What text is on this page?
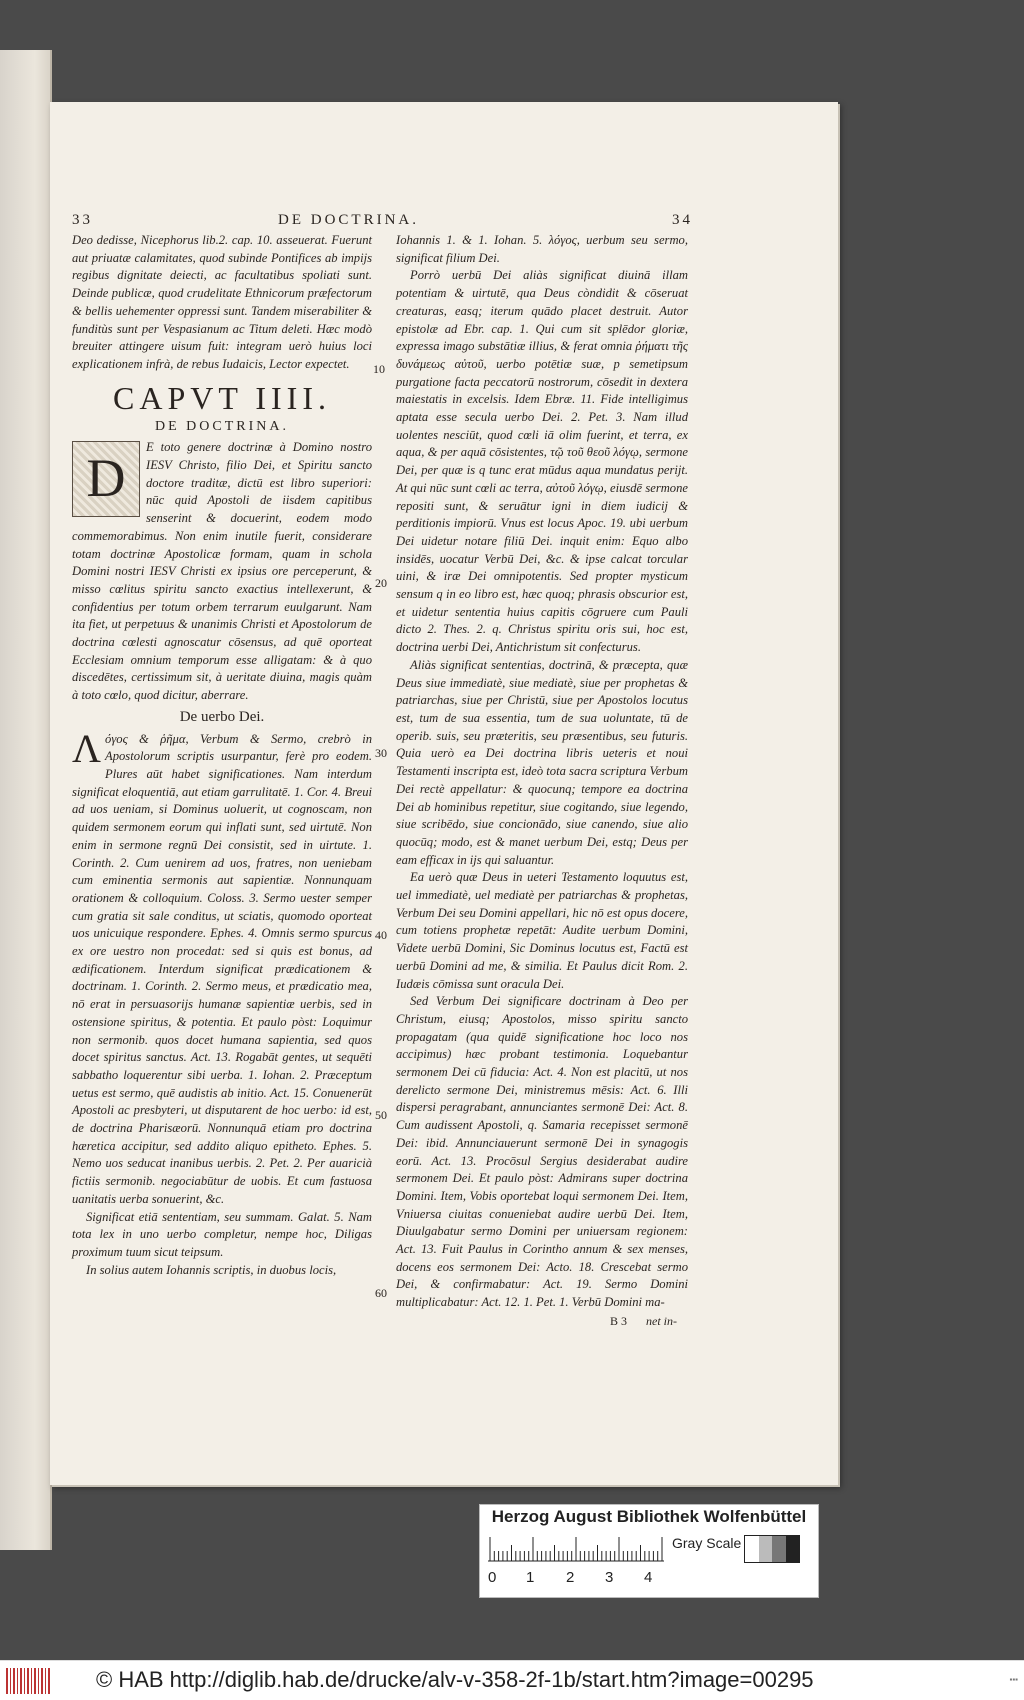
33	DE DOCTRINA.	34

Deo dedisse, Nicephorus lib.2. cap. 10. asseuerat. Fuerunt aut priuatæ calamitates, quod subinde Pontifices ab impijs regibus dignitate deiecti, ac facultatibus spoliati sunt. Deinde publicæ, quod crudelitate Ethnicorum præfectorum & bellis uehementer oppressi sunt. Tandem miserabiliter & funditùs sunt per Vespasianum ac Titum deleti. Hæc modò breuiter attingere uisum fuit: integram uerò huius loci explicationem infrà, de rebus Iudaicis, Lector expectet.

CAPVT IIII.
DE DOCTRINA.
D

E toto genere doctrinæ à Domino nostro IESV Christo, filio Dei, et Spiritu sancto doctore traditæ, dictū est libro superiori: nūc quid Apostoli de iisdem capitibus senserint & docuerint, eodem modo commemorabimus. Non enim inutile fuerit, considerare totam doctrinæ Apostolicæ formam, quam in schola Domini nostri IESV Christi ex ipsius ore perceperunt, & misso cœlitus spiritu sancto exactius intellexerunt, & confidentius per totum orbem terrarum euulgarunt. Nam ita fiet, ut perpetuus & unanimis Christi et Apostolorum de doctrina cœlesti agnoscatur cōsensus, ad quē oporteat Ecclesiam omnium temporum esse alligatam: & à quo discedētes, certissimum sit, à ueritate diuina, magis quàm à toto cœlo, quod dicitur, aberrare.

De uerbo Dei.
Λ όγος & ῥῆμα, Verbum & Sermo, crebrò in Apostolorum scriptis usurpantur, ferè pro eodem. Plures aūt habet significationes. Nam interdum significat eloquentiā, aut etiam garrulitatē. 1. Cor. 4. Breui ad uos ueniam, si Dominus uoluerit, ut cognoscam, non quidem sermonem eorum qui inflati sunt, sed uirtutē. Non enim in sermone regnū Dei consistit, sed in uirtute. 1. Corinth. 2. Cum uenirem ad uos, fratres, non ueniebam cum eminentia sermonis aut sapientiæ. Nonnunquam orationem & colloquium. Coloss. 3. Sermo uester semper cum gratia sit sale conditus, ut sciatis, quomodo oporteat uos unicuique respondere. Ephes. 4. Omnis sermo spurcus ex ore uestro non procedat: sed si quis est bonus, ad ædificationem. Interdum significat prædicationem & doctrinam. 1. Corinth. 2. Sermo meus, et prædicatio mea, nō erat in persuasorijs humanæ sapientiæ uerbis, sed in ostensione spiritus, & potentia. Et paulo pòst: Loquimur non sermonib. quos docet humana sapientia, sed quos docet spiritus sanctus. Act. 13. Rogabāt gentes, ut sequēti sabbatho loquerentur sibi uerba. 1. Iohan. 2. Præceptum uetus est sermo, quē audistis ab initio. Act. 15. Conuenerūt Apostoli ac presbyteri, ut disputarent de hoc uerbo: id est, de doctrina Pharisæorū. Nonnunquā etiam pro doctrina hæretica accipitur, sed addito aliquo epitheto. Ephes. 5. Nemo uos seducat inanibus uerbis. 2. Pet. 2. Per auaricià fictiis sermonib. negociabūtur de uobis. Et cum fastuosa uanitatis uerba sonuerint, &c.

Significat etiā sententiam, seu summam. Galat. 5. Nam tota lex in uno uerbo completur, nempe hoc, Diligas proximum tuum sicut teipsum.

In solius autem Iohannis scriptis, in duobus locis,

10
20
30
40
50
60

Iohannis 1. & 1. Iohan. 5. λόγος, uerbum seu sermo, significat filium Dei.

Porrò uerbū Dei aliàs significat diuinā illam potentiam & uirtutē, qua Deus còndidit & cōseruat creaturas, easq; iterum quādo placet destruit. Autor epistolæ ad Ebr. cap. 1. Qui cum sit splēdor gloriæ, expressa imago substātiæ illius, & ferat omnia ῥήματι τῆς δυνάμεως αὐτοῦ, uerbo potētiæ suæ, p semetipsum purgatione facta peccatorū nostrorum, cōsedit in dextera maiestatis in excelsis. Idem Ebræ. 11. Fide intelligimus aptata esse secula uerbo Dei. 2. Pet. 3. Nam illud uolentes nesciūt, quod cœli iā olim fuerint, et terra, ex aqua, & per aquā cōsistentes, τῷ τοῦ θεοῦ λόγῳ, sermone Dei, per quæ is q tunc erat mūdus aqua mundatus perijt. At qui nūc sunt cœli ac terra, αὐτοῦ λόγῳ, eiusdē sermone repositi sunt, & seruātur igni in diem iudicij & perditionis impiorū. Vnus est locus Apoc. 19. ubi uerbum Dei uidetur notare filiū Dei. inquit enim: Equo albo insidēs, uocatur Verbū Dei, &c. & ipse calcat torcular uini, & iræ Dei omnipotentis. Sed propter mysticum sensum q in eo libro est, hæc quoq; phrasis obscurior est, et uidetur sententia huius capitis cōgruere cum Pauli dicto 2. Thes. 2. q. Christus spiritu oris sui, hoc est, doctrina uerbi Dei, Antichristum sit confecturus.

Aliàs significat sententias, doctrinā, & præcepta, quæ Deus siue immediatè, siue mediatè, siue per prophetas & patriarchas, siue per Christū, siue per Apostolos locutus est, tum de sua essentia, tum de sua uoluntate, tū de operib. suis, seu præteritis, seu præsentibus, seu futuris. Quia uerò ea Dei doctrina libris ueteris et noui Testamenti inscripta est, ideò tota sacra scriptura Verbum Dei rectè appellatur: & quocunq; tempore ea doctrina Dei ab hominibus repetitur, siue cogitando, siue legendo, siue scribēdo, siue concionādo, siue canendo, siue alio quocūq; modo, est & manet uerbum Dei, estq; Deus per eam efficax in ijs qui saluantur.

Ea uerò quæ Deus in ueteri Testamento loquutus est, uel immediatè, uel mediatè per patriarchas & prophetas, Verbum Dei seu Domini appellari, hic nō est opus docere, cum totiens prophetæ repetāt: Audite uerbum Domini, Videte uerbū Domini, Sic Dominus locutus est, Factū est uerbū Domini ad me, & similia. Et Paulus dicit Rom. 2. Iudæis cōmissa sunt oracula Dei.

Sed Verbum Dei significare doctrinam à Deo per Christum, eiusq; Apostolos, misso spiritu sancto propagatam (qua quidē significatione hoc loco nos accipimus) hæc probant testimonia. Loquebantur sermonem Dei cū fiducia: Act. 4. Non est placitū, ut nos derelicto sermone Dei, ministremus mēsis: Act. 6. Illi dispersi peragrabant, annunciantes sermonē Dei: Act. 8. Cum audissent Apostoli, q. Samaria recepisset sermonē Dei: ibid. Annunciauerunt sermonē Dei in synagogis eorū. Act. 13. Procōsul Sergius desiderabat audire sermonem Dei. Et paulo pòst: Admirans super doctrina Domini. Item, Vobis oportebat loqui sermonem Dei. Item, Vniuersa ciuitas conueniebat audire uerbū Dei. Item, Diuulgabatur sermo Domini per uniuersam regionem: Act. 13. Fuit Paulus in Corintho annum & sex menses, docens eos sermonem Dei: Acto. 18. Crescebat sermo Dei, & confirmabatur: Act. 19. Sermo Domini multiplicabatur: Act. 12. 1. Pet. 1. Verbū Domini ma-

B 3 net in-
Herzog August Bibliothek Wolfenbüttel
0 1 2 3 4
Gray Scale
© HAB http://diglib.hab.de/drucke/alv-v-358-2f-1b/start.htm?image=00295	▪▪▪
